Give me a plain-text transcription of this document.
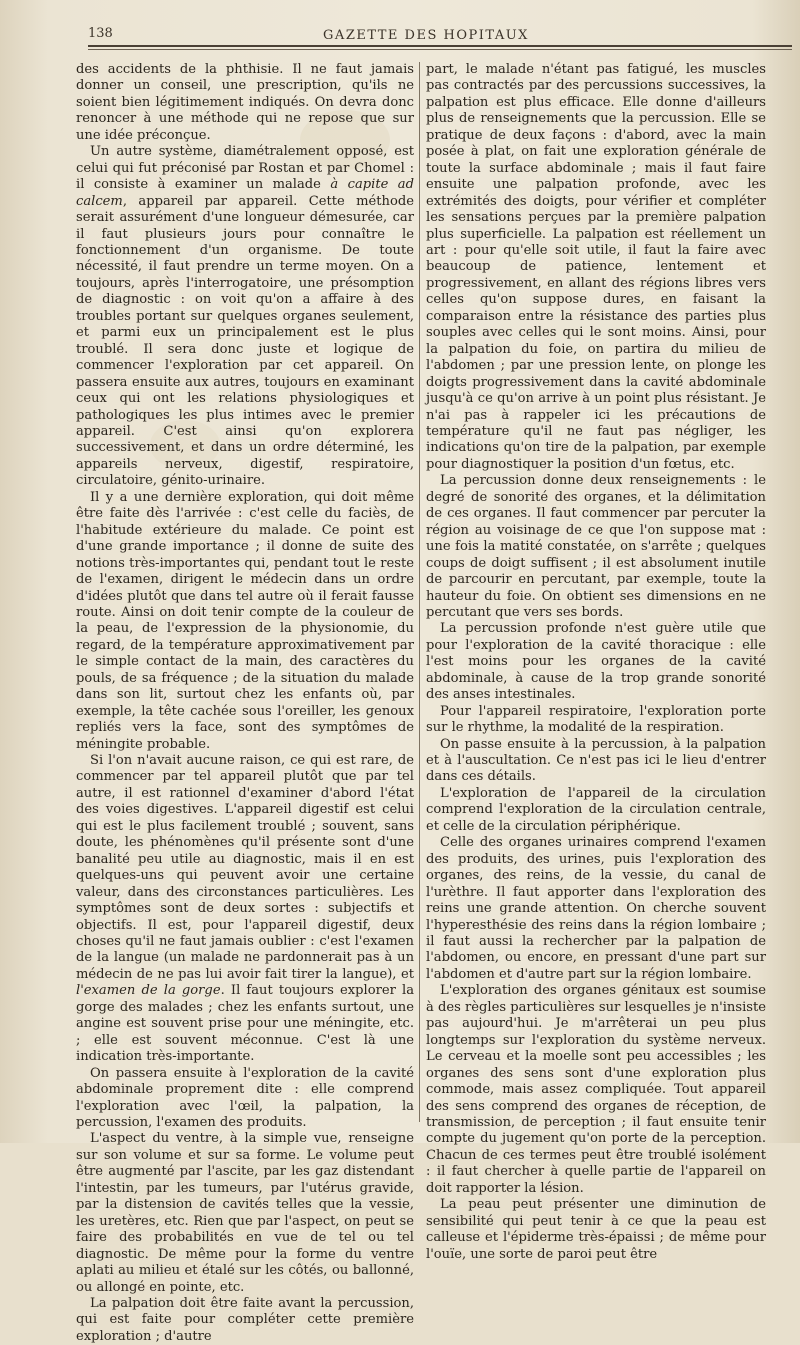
138	GAZETTE DES HOPITAUX

des accidents de la phthisie. Il ne faut jamais donner un conseil, une prescription, qu'ils ne soient bien légitimement indiqués. On devra donc renoncer à une méthode qui ne repose que sur une idée préconçue.

Un autre système, diamétralement opposé, est celui qui fut préconisé par Rostan et par Chomel : il consiste à examiner un malade à capite ad calcem, appareil par appareil. Cette méthode serait assurément d'une longueur démesurée, car il faut plusieurs jours pour connaître le fonctionnement d'un organisme. De toute nécessité, il faut prendre un terme moyen. On a toujours, après l'interrogatoire, une présomption de diagnostic : on voit qu'on a affaire à des troubles portant sur quelques organes seulement, et parmi eux un principalement est le plus troublé. Il sera donc juste et logique de commencer l'exploration par cet appareil. On passera ensuite aux autres, toujours en examinant ceux qui ont les relations physiologiques et pathologiques les plus intimes avec le premier appareil. C'est ainsi qu'on explorera successivement, et dans un ordre déterminé, les appareils nerveux, digestif, respiratoire, circulatoire, génito-urinaire.

Il y a une dernière exploration, qui doit même être faite dès l'arrivée : c'est celle du faciès, de l'habitude extérieure du malade. Ce point est d'une grande importance ; il donne de suite des notions très-importantes qui, pendant tout le reste de l'examen, dirigent le médecin dans un ordre d'idées plutôt que dans tel autre où il ferait fausse route. Ainsi on doit tenir compte de la couleur de la peau, de l'expression de la physionomie, du regard, de la température approximativement par le simple contact de la main, des caractères du pouls, de sa fréquence ; de la situation du malade dans son lit, surtout chez les enfants où, par exemple, la tête cachée sous l'oreiller, les genoux repliés vers la face, sont des symptômes de méningite probable.

Si l'on n'avait aucune raison, ce qui est rare, de commencer par tel appareil plutôt que par tel autre, il est rationnel d'examiner d'abord l'état des voies digestives. L'appareil digestif est celui qui est le plus facilement troublé ; souvent, sans doute, les phénomènes qu'il présente sont d'une banalité peu utile au diagnostic, mais il en est quelques-uns qui peuvent avoir une certaine valeur, dans des circonstances particulières. Les symptômes sont de deux sortes : subjectifs et objectifs. Il est, pour l'appareil digestif, deux choses qu'il ne faut jamais oublier : c'est l'examen de la langue (un malade ne pardonnerait pas à un médecin de ne pas lui avoir fait tirer la langue), et l'examen de la gorge. Il faut toujours explorer la gorge des malades ; chez les enfants surtout, une angine est souvent prise pour une méningite, etc. ; elle est souvent méconnue. C'est là une indication très-importante.

On passera ensuite à l'exploration de la cavité abdominale proprement dite : elle comprend l'exploration avec l'œil, la palpation, la percussion, l'examen des produits.

L'aspect du ventre, à la simple vue, renseigne sur son volume et sur sa forme. Le volume peut être augmenté par l'ascite, par les gaz distendant l'intestin, par les tumeurs, par l'utérus gravide, par la distension de cavités telles que la vessie, les uretères, etc. Rien que par l'aspect, on peut se faire des probabilités en vue de tel ou tel diagnostic. De même pour la forme du ventre aplati au milieu et étalé sur les côtés, ou ballonné, ou allongé en pointe, etc.

La palpation doit être faite avant la percussion, qui est faite pour compléter cette première exploration ; d'autre

part, le malade n'étant pas fatigué, les muscles pas contractés par des percussions successives, la palpation est plus efficace. Elle donne d'ailleurs plus de renseignements que la percussion. Elle se pratique de deux façons : d'abord, avec la main posée à plat, on fait une exploration générale de toute la surface abdominale ; mais il faut faire ensuite une palpation profonde, avec les extrémités des doigts, pour vérifier et compléter les sensations perçues par la première palpation plus superficielle. La palpation est réellement un art : pour qu'elle soit utile, il faut la faire avec beaucoup de patience, lentement et progressivement, en allant des régions libres vers celles qu'on suppose dures, en faisant la comparaison entre la résistance des parties plus souples avec celles qui le sont moins. Ainsi, pour la palpation du foie, on partira du milieu de l'abdomen ; par une pression lente, on plonge les doigts progressivement dans la cavité abdominale jusqu'à ce qu'on arrive à un point plus résistant. Je n'ai pas à rappeler ici les précautions de température qu'il ne faut pas négliger, les indications qu'on tire de la palpation, par exemple pour diagnostiquer la position d'un fœtus, etc.

La percussion donne deux renseignements : le degré de sonorité des organes, et la délimitation de ces organes. Il faut commencer par percuter la région au voisinage de ce que l'on suppose mat : une fois la matité constatée, on s'arrête ; quelques coups de doigt suffisent ; il est absolument inutile de parcourir en percutant, par exemple, toute la hauteur du foie. On obtient ses dimensions en ne percutant que vers ses bords.

La percussion profonde n'est guère utile que pour l'exploration de la cavité thoracique : elle l'est moins pour les organes de la cavité abdominale, à cause de la trop grande sonorité des anses intestinales.

Pour l'appareil respiratoire, l'exploration porte sur le rhythme, la modalité de la respiration.

On passe ensuite à la percussion, à la palpation et à l'auscultation. Ce n'est pas ici le lieu d'entrer dans ces détails.

L'exploration de l'appareil de la circulation comprend l'exploration de la circulation centrale, et celle de la circulation périphérique.

Celle des organes urinaires comprend l'examen des produits, des urines, puis l'exploration des organes, des reins, de la vessie, du canal de l'urèthre. Il faut apporter dans l'exploration des reins une grande attention. On cherche souvent l'hyperesthésie des reins dans la région lombaire ; il faut aussi la rechercher par la palpation de l'abdomen, ou encore, en pressant d'une part sur l'abdomen et d'autre part sur la région lombaire.

L'exploration des organes génitaux est soumise à des règles particulières sur lesquelles je n'insiste pas aujourd'hui. Je m'arrêterai un peu plus longtemps sur l'exploration du système nerveux. Le cerveau et la moelle sont peu accessibles ; les organes des sens sont d'une exploration plus commode, mais assez compliquée. Tout appareil des sens comprend des organes de réception, de transmission, de perception ; il faut ensuite tenir compte du jugement qu'on porte de la perception. Chacun de ces termes peut être troublé isolément : il faut chercher à quelle partie de l'appareil on doit rapporter la lésion.

La peau peut présenter une diminution de sensibilité qui peut tenir à ce que la peau est calleuse et l'épiderme très-épaissi ; de même pour l'ouïe, une sorte de paroi peut être
